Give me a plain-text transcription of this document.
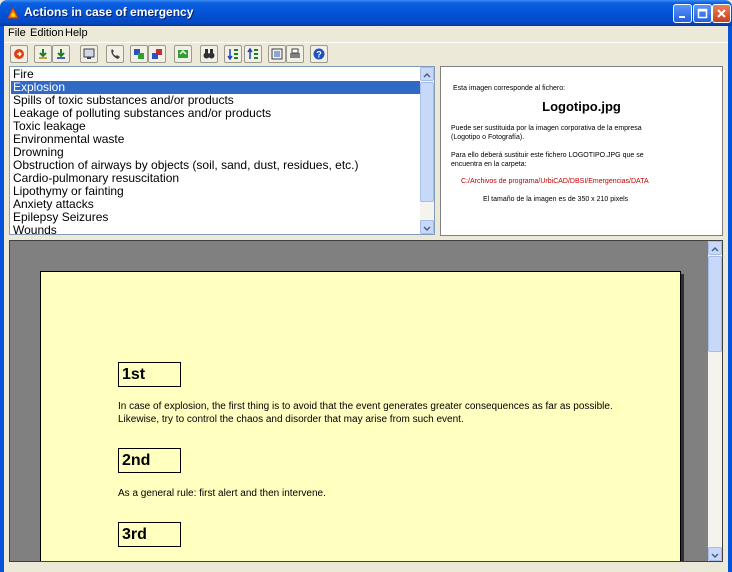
Actions in case of emergency
File Edition Help
?
Fire
Explosion
Spills of toxic substances and/or products
Leakage of polluting substances and/or products
Toxic leakage
Environmental waste
Drowning
Obstruction of airways by objects (soil, sand, dust, residues, etc.)
Cardio-pulmonary resuscitation
Lipothymy or fainting
Anxiety attacks
Epilepsy Seizures
Wounds
Esta imagen corresponde al fichero:
Logotipo.jpg
Puede ser sustituida por la imagen corporativa de la empresa
(Logotipo o Fotografía).
Para ello deberá sustituir este fichero LOGOTIPO.JPG que se
encuentra en la carpeta:
C:/Archivos de programa/UrbiCAD/DBSI/Emergencias/DATA
El tamaño de la imagen es de 350 x 210 pixels
1st
In case of explosion, the first thing is to avoid that the event generates greater consequences as far as possible. Likewise, try to control the chaos and disorder that may arise from such event.
2nd
As a general rule: first alert and then intervene.
3rd
